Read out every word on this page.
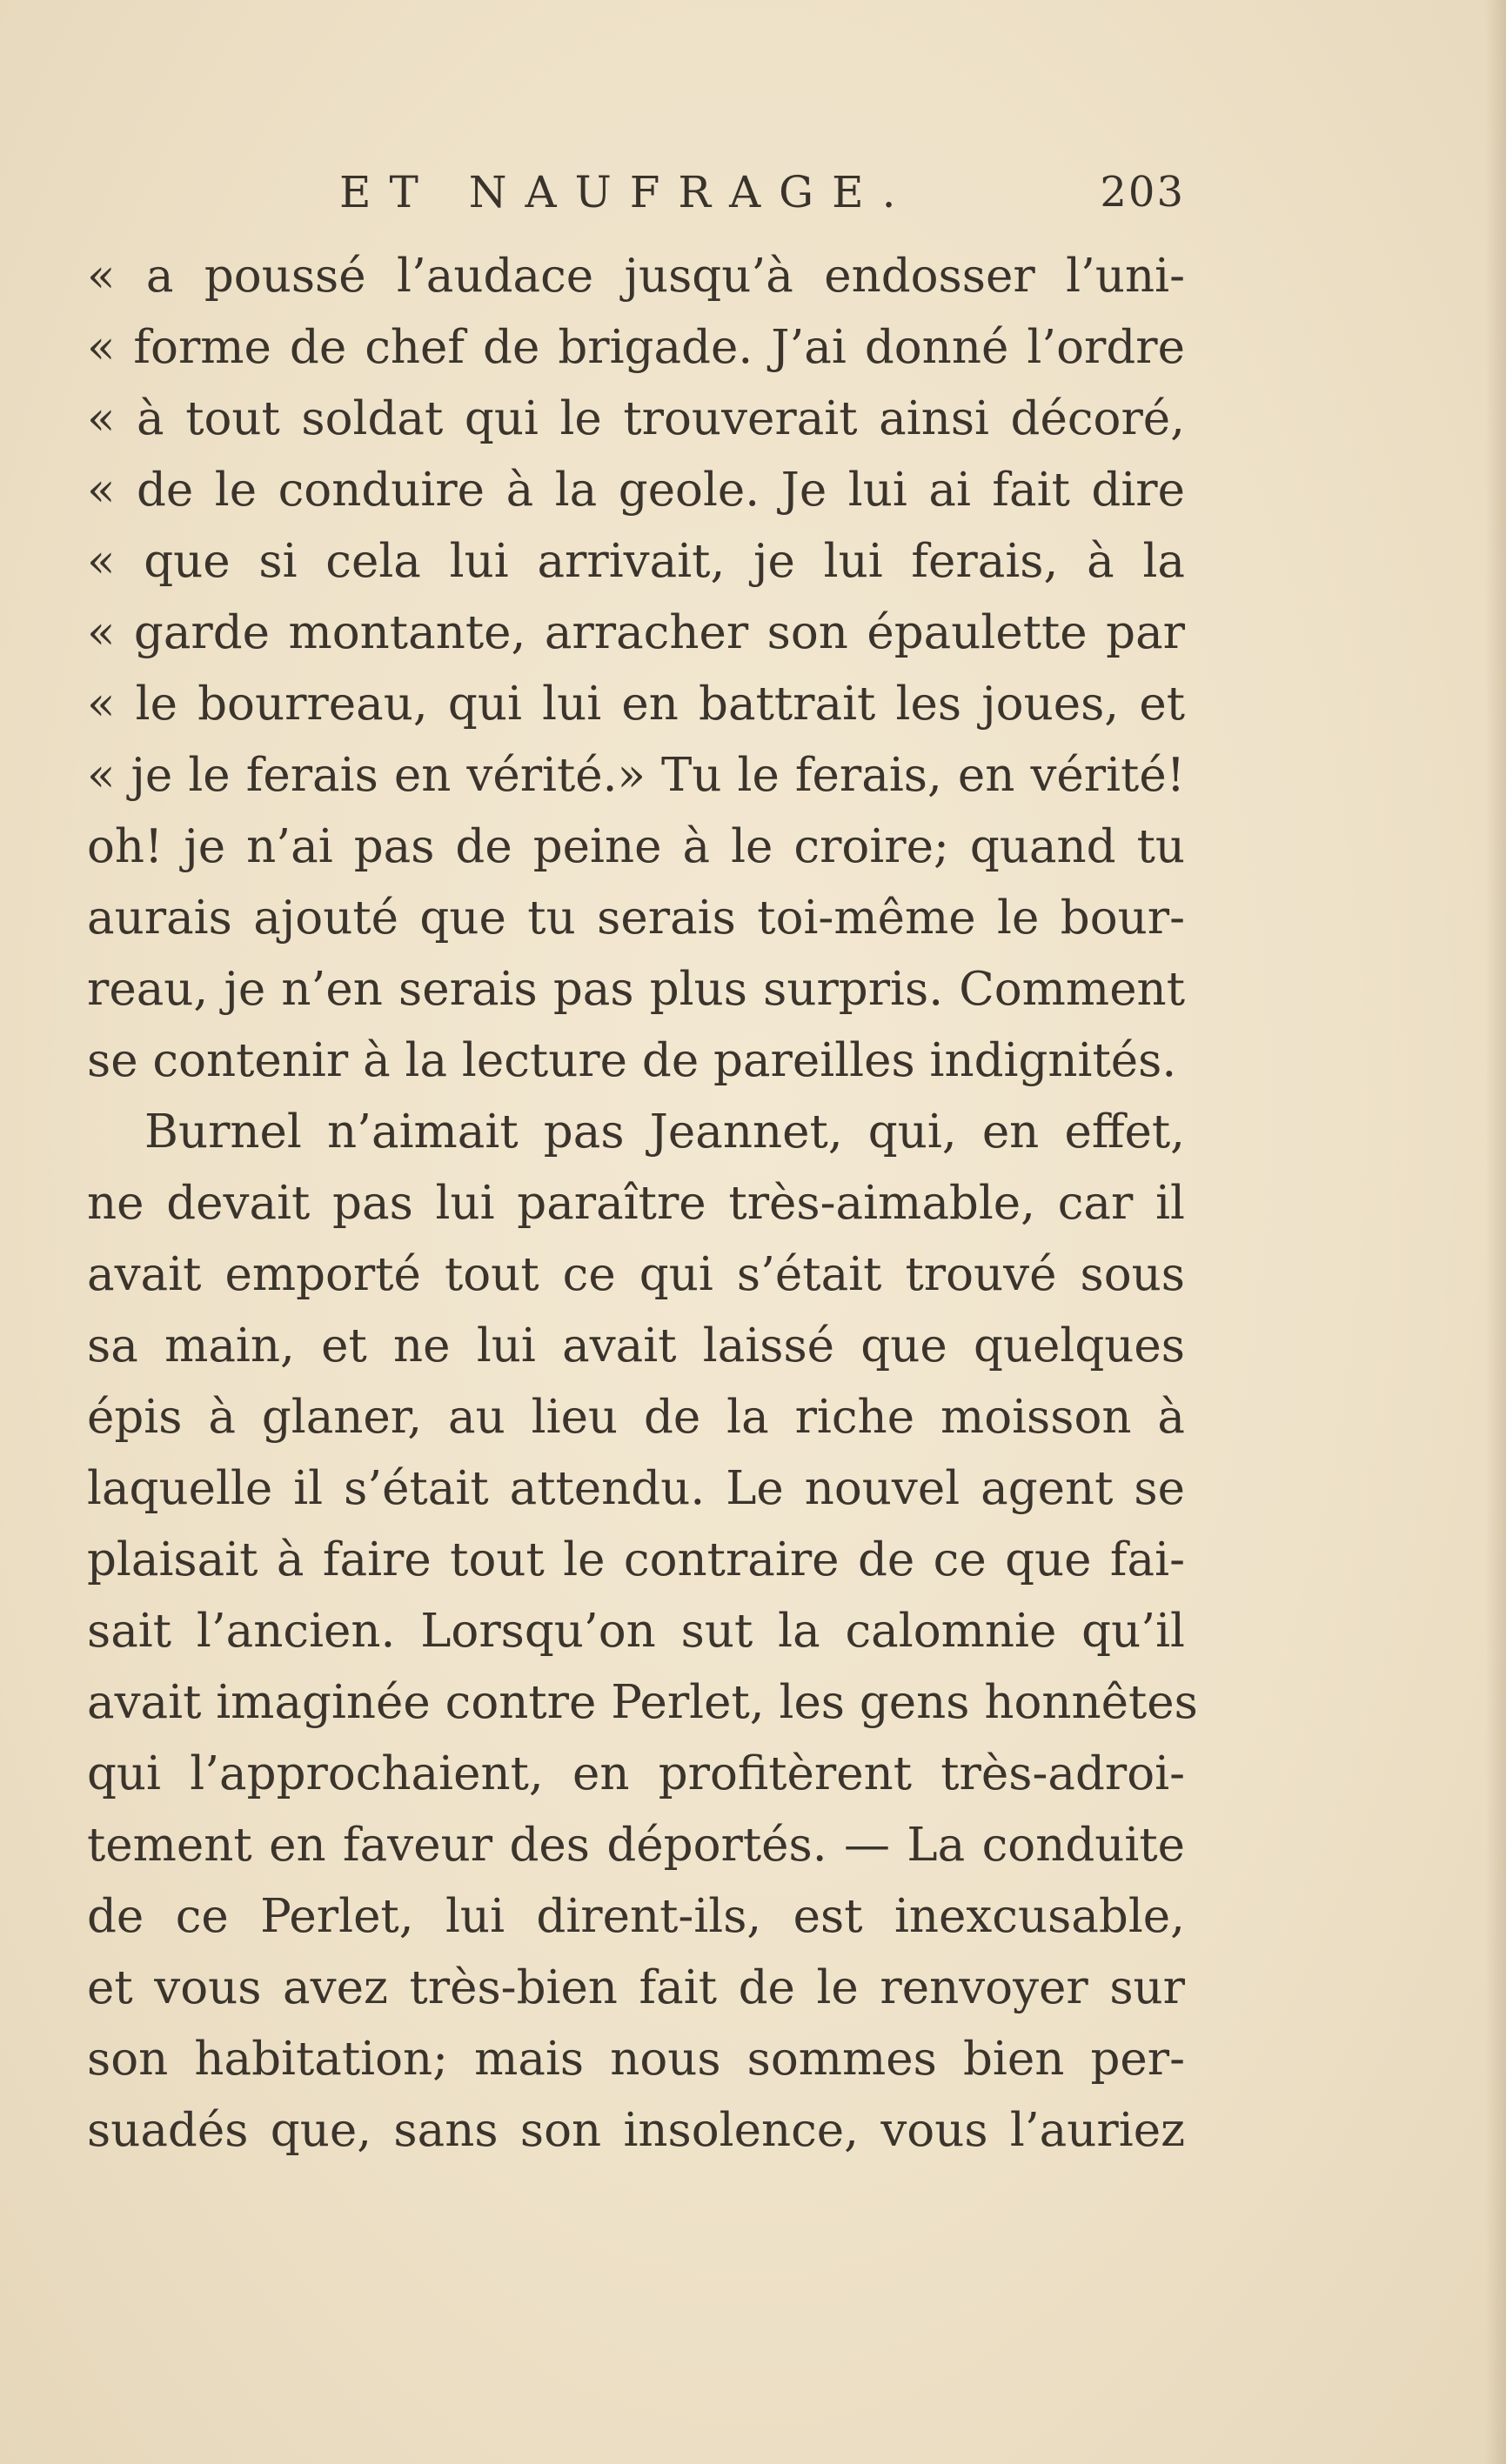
ET NAUFRAGE.	203
« a poussé l’audace jusqu’à endosser l’uni-
« forme de chef de brigade. J’ai donné l’ordre
« à tout soldat qui le trouverait ainsi décoré,
« de le conduire à la geole. Je lui ai fait dire
« que si cela lui arrivait, je lui ferais, à la
« garde montante, arracher son épaulette par
« le bourreau, qui lui en battrait les joues, et
« je le ferais en vérité.» Tu le ferais, en vérité!
oh! je n’ai pas de peine à le croire; quand tu
aurais ajouté que tu serais toi-même le bour-
reau, je n’en serais pas plus surpris. Comment
se contenir à la lecture de pareilles indignités.
Burnel n’aimait pas Jeannet, qui, en effet,
ne devait pas lui paraître très-aimable, car il
avait emporté tout ce qui s’était trouvé sous
sa main, et ne lui avait laissé que quelques
épis à glaner, au lieu de la riche moisson à
laquelle il s’était attendu. Le nouvel agent se
plaisait à faire tout le contraire de ce que fai-
sait l’ancien. Lorsqu’on sut la calomnie qu’il
avait imaginée contre Perlet, les gens honnêtes
qui l’approchaient, en profitèrent très-adroi-
tement en faveur des déportés. — La conduite
de ce Perlet, lui dirent-ils, est inexcusable,
et vous avez très-bien fait de le renvoyer sur
son habitation; mais nous sommes bien per-
suadés que, sans son insolence, vous l’auriez
